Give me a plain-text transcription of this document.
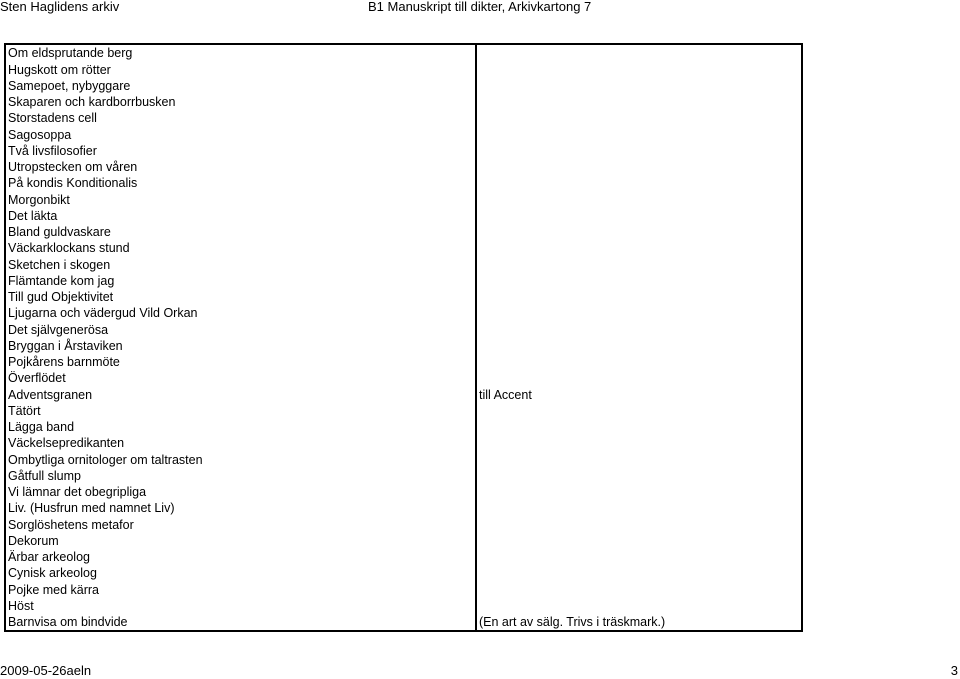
Sten Haglidens arkiv	B1 Manuskript till dikter, Arkivkartong 7
Om eldsprutande berg	
Hugskott om rötter	
Samepoet, nybyggare	
Skaparen och kardborrbusken	
Storstadens cell	
Sagosoppa	
Två livsfilosofier	
Utropstecken om våren	
På kondis Konditionalis	
Morgonbikt	
Det läkta	
Bland guldvaskare	
Väckarklockans stund	
Sketchen i skogen	
Flämtande kom jag	
Till gud Objektivitet	
Ljugarna och vädergud Vild Orkan	
Det självgenerösa	
Bryggan i Årstaviken	
Pojkårens barnmöte	
Överflödet	
Adventsgranen	till Accent
Tätört	
Lägga band	
Väckelsepredikanten	
Ombytliga ornitologer om taltrasten	
Gåtfull slump	
Vi lämnar det obegripliga	
Liv. (Husfrun med namnet Liv)	
Sorglöshetens metafor	
Dekorum	
Ärbar arkeolog	
Cynisk arkeolog	
Pojke med kärra	
Höst	
Barnvisa om bindvide	(En art av sälg. Trivs i träskmark.)
2009-05-26aeln	3
